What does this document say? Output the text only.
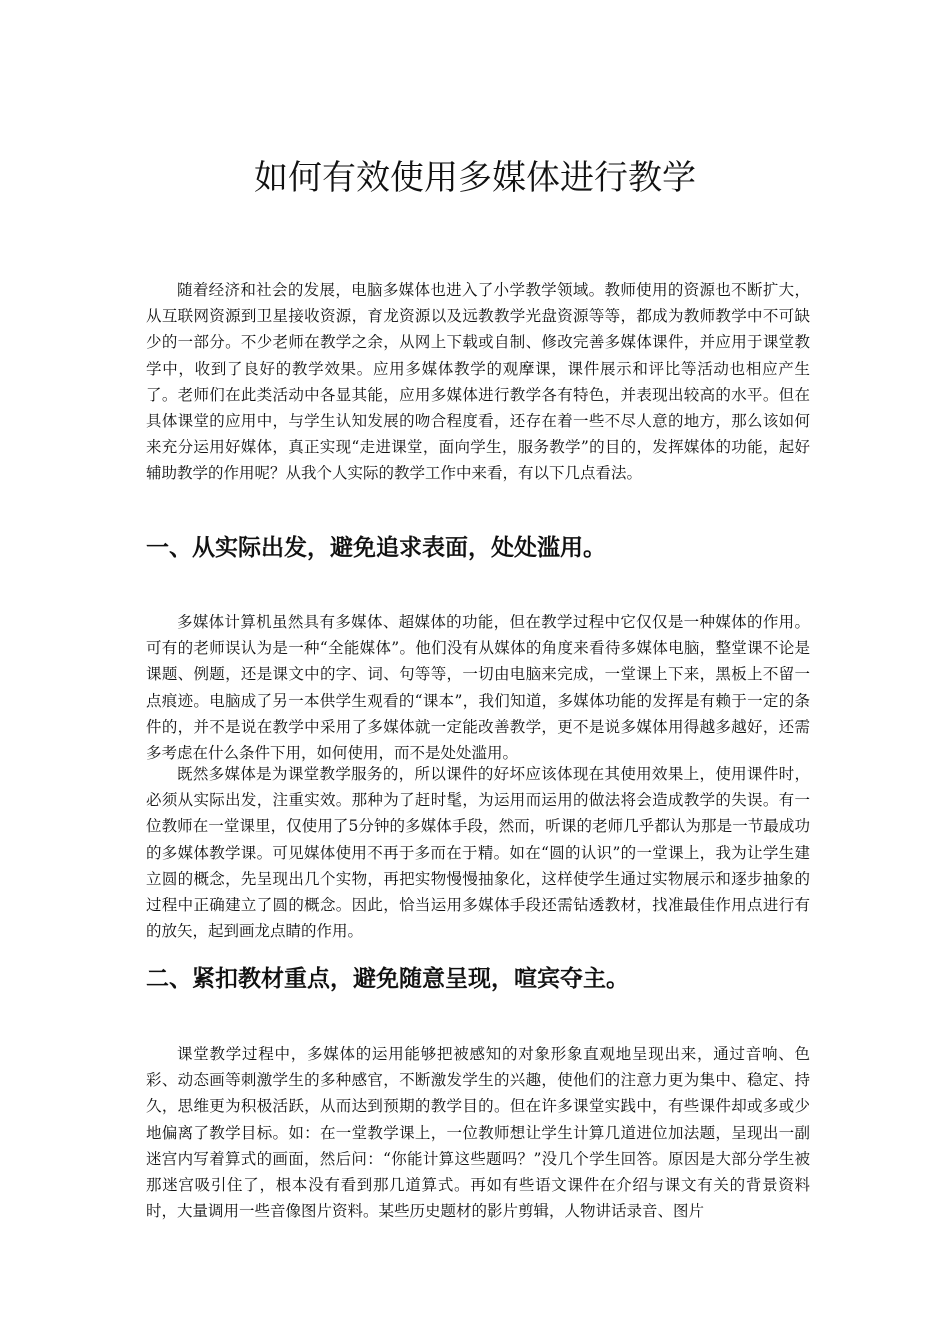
如何有效使用多媒体进行教学

随着经济和社会的发展，电脑多媒体也进入了小学教学领域。教师使用的资源也不断扩大，从互联网资源到卫星接收资源，育龙资源以及远教教学光盘资源等等，都成为教师教学中不可缺少的一部分。不少老师在教学之余，从网上下载或自制、修改完善多媒体课件，并应用于课堂教学中，收到了良好的教学效果。应用多媒体教学的观摩课，课件展示和评比等活动也相应产生了。老师们在此类活动中各显其能，应用多媒体进行教学各有特色，并表现出较高的水平。但在具体课堂的应用中，与学生认知发展的吻合程度看，还存在着一些不尽人意的地方，那么该如何来充分运用好媒体，真正实现“走进课堂，面向学生，服务教学”的目的，发挥媒体的功能，起好辅助教学的作用呢？从我个人实际的教学工作中来看，有以下几点看法。

一、从实际出发，避免追求表面，处处滥用。

多媒体计算机虽然具有多媒体、超媒体的功能，但在教学过程中它仅仅是一种媒体的作用。可有的老师误认为是一种“全能媒体”。他们没有从媒体的角度来看待多媒体电脑，整堂课不论是课题、例题，还是课文中的字、词、句等等，一切由电脑来完成，一堂课上下来，黑板上不留一点痕迹。电脑成了另一本供学生观看的“课本”，我们知道，多媒体功能的发挥是有赖于一定的条件的，并不是说在教学中采用了多媒体就一定能改善教学，更不是说多媒体用得越多越好，还需多考虑在什么条件下用，如何使用，而不是处处滥用。

既然多媒体是为课堂教学服务的，所以课件的好坏应该体现在其使用效果上，使用课件时，必须从实际出发，注重实效。那种为了赶时髦，为运用而运用的做法将会造成教学的失误。有一位教师在一堂课里，仅使用了5分钟的多媒体手段，然而，听课的老师几乎都认为那是一节最成功的多媒体教学课。可见媒体使用不再于多而在于精。如在“圆的认识”的一堂课上，我为让学生建立圆的概念，先呈现出几个实物，再把实物慢慢抽象化，这样使学生通过实物展示和逐步抽象的过程中正确建立了圆的概念。因此，恰当运用多媒体手段还需钻透教材，找准最佳作用点进行有的放矢，起到画龙点睛的作用。

二、紧扣教材重点，避免随意呈现，喧宾夺主。

课堂教学过程中，多媒体的运用能够把被感知的对象形象直观地呈现出来，通过音响、色彩、动态画等刺激学生的多种感官，不断激发学生的兴趣，使他们的注意力更为集中、稳定、持久，思维更为积极活跃，从而达到预期的教学目的。但在许多课堂实践中，有些课件却或多或少地偏离了教学目标。如：在一堂教学课上，一位教师想让学生计算几道进位加法题，呈现出一副迷宫内写着算式的画面，然后问：“你能计算这些题吗？”没几个学生回答。原因是大部分学生被那迷宫吸引住了，根本没有看到那几道算式。再如有些语文课件在介绍与课文有关的背景资料时，大量调用一些音像图片资料。某些历史题材的影片剪辑，人物讲话录音、图片
